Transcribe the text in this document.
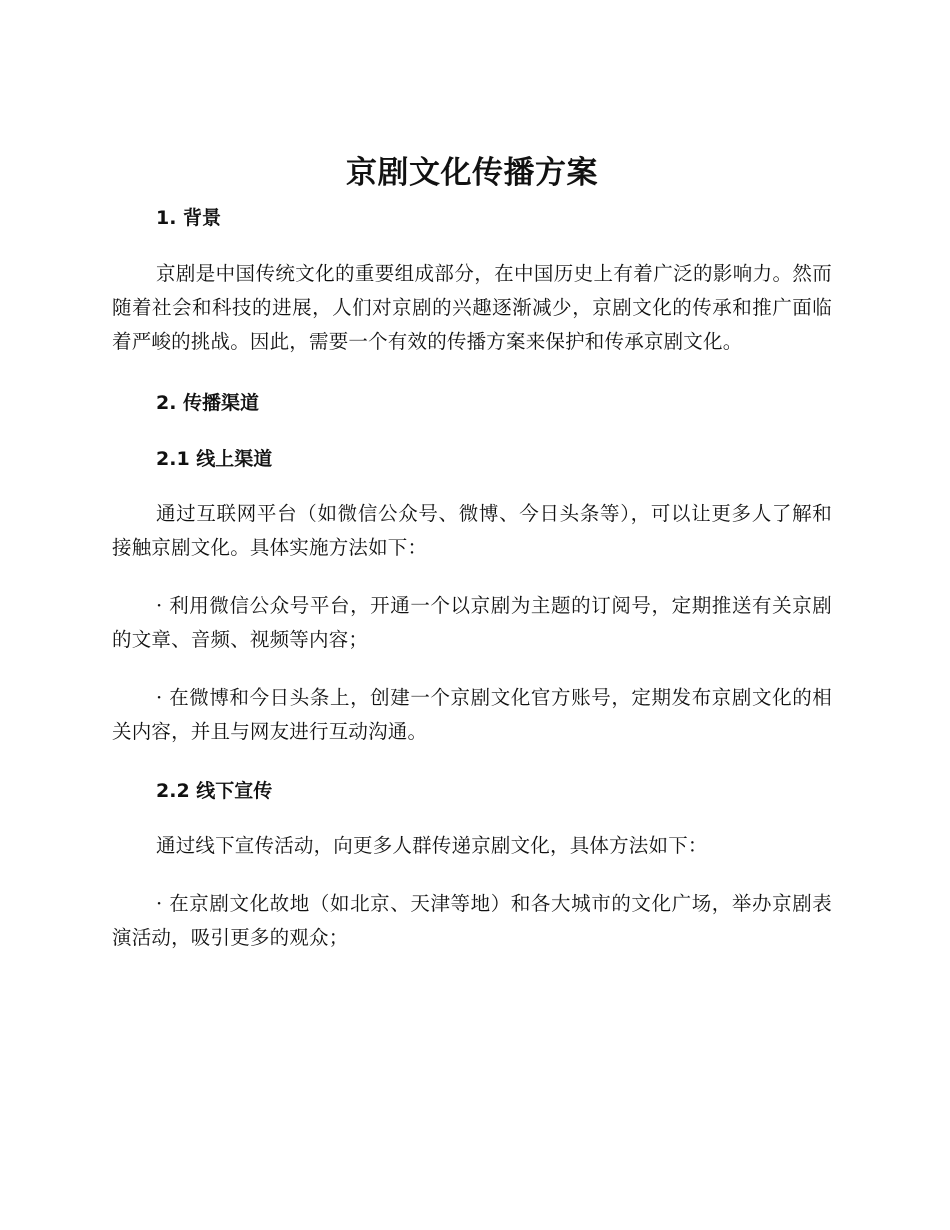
京剧文化传播方案
1. 背景

京剧是中国传统文化的重要组成部分，在中国历史上有着广泛的影响力。然而随着社会和科技的进展，人们对京剧的兴趣逐渐减少，京剧文化的传承和推广面临着严峻的挑战。因此，需要一个有效的传播方案来保护和传承京剧文化。

2. 传播渠道
2.1 线上渠道

通过互联网平台（如微信公众号、微博、今日头条等），可以让更多人了解和接触京剧文化。具体实施方法如下：

· 利用微信公众号平台，开通一个以京剧为主题的订阅号，定期推送有关京剧的文章、音频、视频等内容；

· 在微博和今日头条上，创建一个京剧文化官方账号，定期发布京剧文化的相关内容，并且与网友进行互动沟通。

2.2 线下宣传

通过线下宣传活动，向更多人群传递京剧文化，具体方法如下：

· 在京剧文化故地（如北京、天津等地）和各大城市的文化广场，举办京剧表演活动，吸引更多的观众；
